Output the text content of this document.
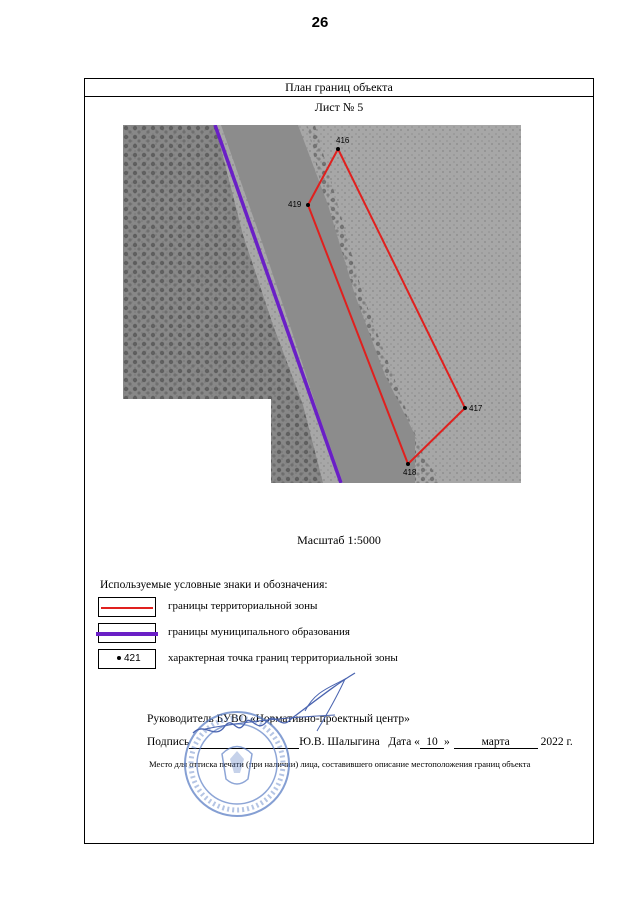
26
План границ объекта
Лист № 5
416
417
418
419
Масштаб 1:5000
Используемые условные знаки и обозначения:
границы территориальной зоны
границы муниципального образования
421 характерная точка границ территориальной зоны
Руководитель БУВО «Нормативно-проектный центр»
Подпись	Ю.В. Шалыгина Дата « 10 »	марта	2022 г.
Место для оттиска печати (при наличии) лица, составившего описание местоположения границ объекта
